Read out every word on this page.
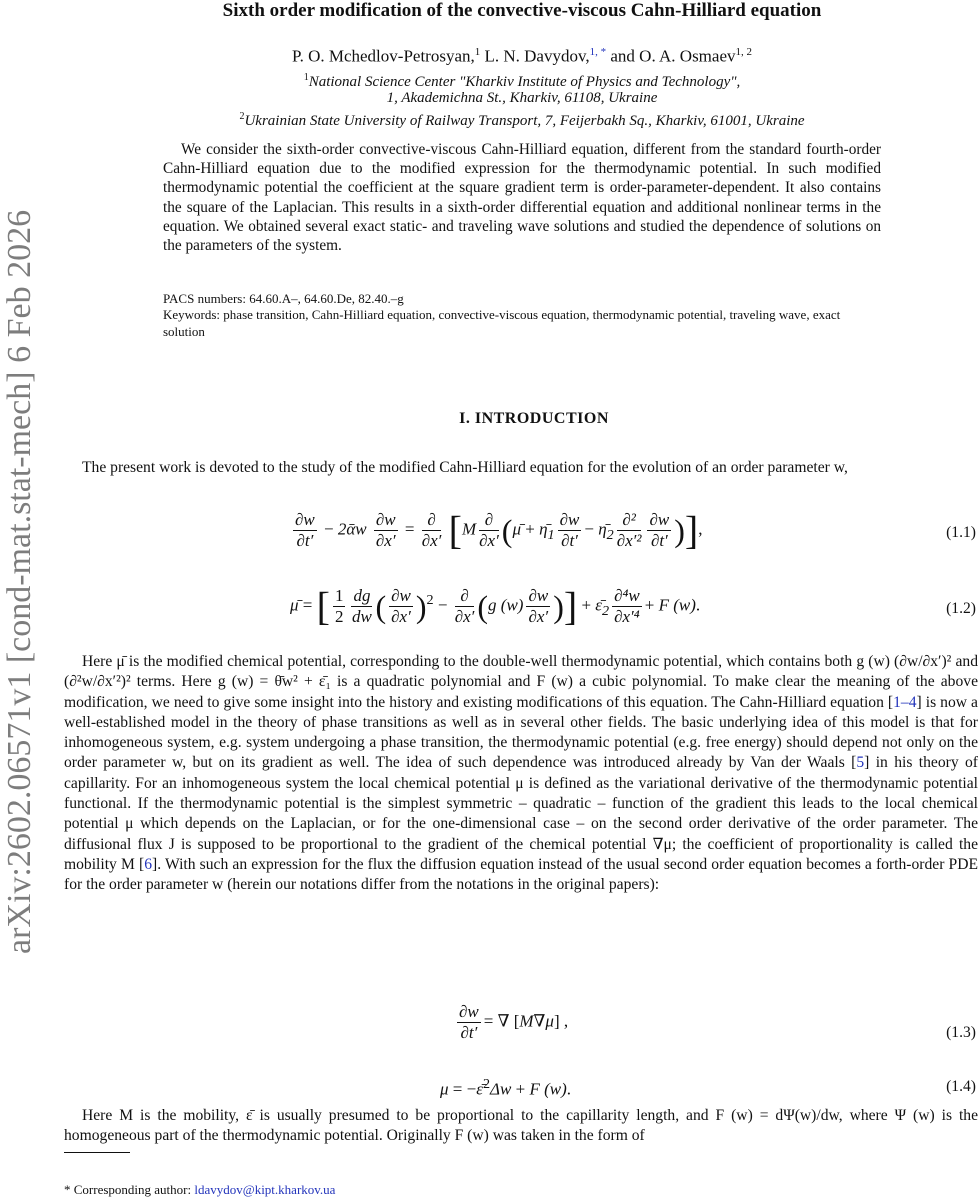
arXiv:2602.06571v1 [cond-mat.stat-mech] 6 Feb 2026
Sixth order modification of the convective-viscous Cahn-Hilliard equation
P. O. Mchedlov-Petrosyan,$^1$ L. N. Davydov,$^{1, *}$ and O. A. Osmaev$^{1, 2}$
$^1$National Science Center "Kharkiv Institute of Physics and Technology",
1, Akademichna St., Kharkiv, 61108, Ukraine
$^2$Ukrainian State University of Railway Transport, 7, Feijerbakh Sq., Kharkiv, 61001, Ukraine
We consider the sixth-order convective-viscous Cahn-Hilliard equation, different from the standard fourth-order Cahn-Hilliard equation due to the modified expression for the thermodynamic potential. In such modified thermodynamic potential the coefficient at the square gradient term is order-parameter-dependent. It also contains the square of the Laplacian. This results in a sixth-order differential equation and additional nonlinear terms in the equation. We obtained several exact static- and traveling wave solutions and studied the dependence of solutions on the parameters of the system.
PACS numbers: 64.60.A–, 64.60.De, 82.40.–g
Keywords: phase transition, Cahn-Hilliard equation, convective-viscous equation, thermodynamic potential, traveling wave, exact solution
I. INTRODUCTION
The present work is devoted to the study of the modified Cahn-Hilliard equation for the evolution of an order parameter w,
$\frac{\partial w}{\partial t'}$ − 2ᾱw $\frac{\partial w}{\partial x'} = \frac{\partial}{\partial x'} [M \frac{\partial}{\partial x'}$ (μ̄ + $\etā_1 \frac{\partial w}{\partial t'}$ − $\etā_2 \frac{\text{∂²}}{\text{∂x′²}} \frac{\partial w}{\partial t'}$ )],	(1.1)
μ̄ = [ $\frac{1}{2} \frac{dg}{dw}$ ( $\frac{\partial w}{\partial x'} )^2 - \frac{\partial}{\partial x'} (g$ $(w) \frac{\partial w}{\partial x'}$ )] + $\varepsilon̄_2 \frac{\text{∂⁴w}}{\text{∂x′⁴}} + F$ (w).	(1.2)
Here μ̄ is the modified chemical potential, corresponding to the double-well thermodynamic potential, which contains both g (w) (∂w/∂x′)² and (∂²w/∂x′²)² terms. Here g (w) = θ̄w² + ε̄₁ is a quadratic polynomial and F (w) a cubic polynomial. To make clear the meaning of the above modification, we need to give some insight into the history and existing modifications of this equation. The Cahn-Hilliard equation [1–4] is now a well-established model in the theory of phase transitions as well as in several other fields. The basic underlying idea of this model is that for inhomogeneous system, e.g. system undergoing a phase transition, the thermodynamic potential (e.g. free energy) should depend not only on the order parameter w, but on its gradient as well. The idea of such dependence was introduced already by Van der Waals [5] in his theory of capillarity. For an inhomogeneous system the local chemical potential μ is defined as the variational derivative of the thermodynamic potential functional. If the thermodynamic potential is the simplest symmetric – quadratic – function of the gradient this leads to the local chemical potential μ which depends on the Laplacian, or for the one-dimensional case – on the second order derivative of the order parameter. The diffusional flux J is supposed to be proportional to the gradient of the chemical potential ∇μ; the coefficient of proportionality is called the mobility M [6]. With such an expression for the flux the diffusion equation instead of the usual second order equation becomes a forth-order PDE for the order parameter w (herein our notations differ from the notations in the original papers):
$\frac{\partial w}{\partial t'}$ = ∇ [M∇μ] ,
(1.3)
μ = −ε̄$^2$Δw + F (w).	(1.4)
Here M is the mobility, ε̄ is usually presumed to be proportional to the capillarity length, and F (w) = dΨ(w)/dw, where Ψ (w) is the homogeneous part of the thermodynamic potential. Originally F (w) was taken in the form of
* Corresponding author: ldavydov@kipt.kharkov.ua
